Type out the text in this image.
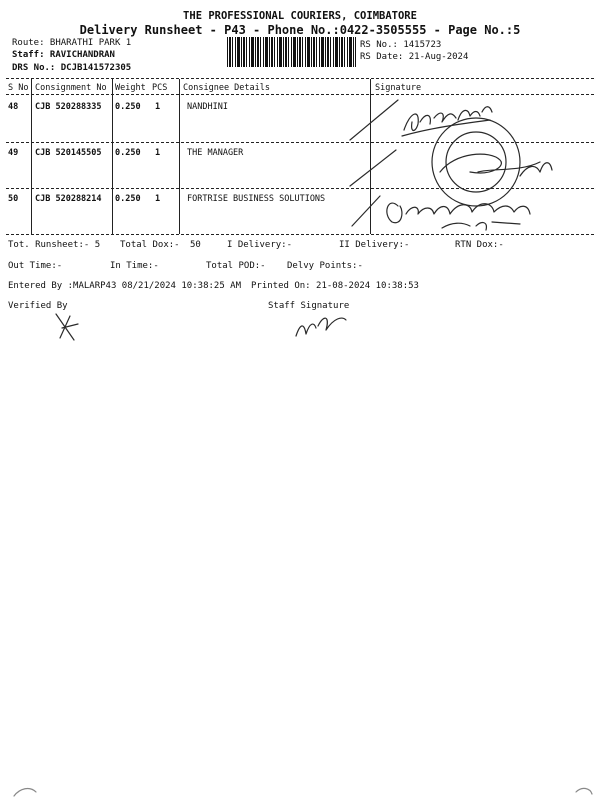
THE PROFESSIONAL COURIERS, COIMBATORE
Delivery Runsheet - P43 - Phone No.:0422-3505555 - Page No.:5
Route: BHARATHI PARK 1
Staff: RAVICHANDRAN
DRS No.: DCJB141572305
RS No.: 1415723
RS Date: 21-Aug-2024
S No Consignment No Weight PCS Consignee Details	Signature
48 CJB 520288335 0.250 1	NANDHINI
49 CJB 520145505 0.250 1	THE MANAGER
50 CJB 520288214 0.250 1	FORTRISE BUSINESS SOLUTIONS
Tot. Runsheet:- 5 Total Dox:- 50	I Delivery:-	II Delivery:-	RTN Dox:-
Out Time:-	In Time:-	Total POD:- Delvy Points:-
Entered By :MALARP43 08/21/2024 10:38:25 AM Printed On: 21-08-2024 10:38:53
Verified By	Staff Signature
